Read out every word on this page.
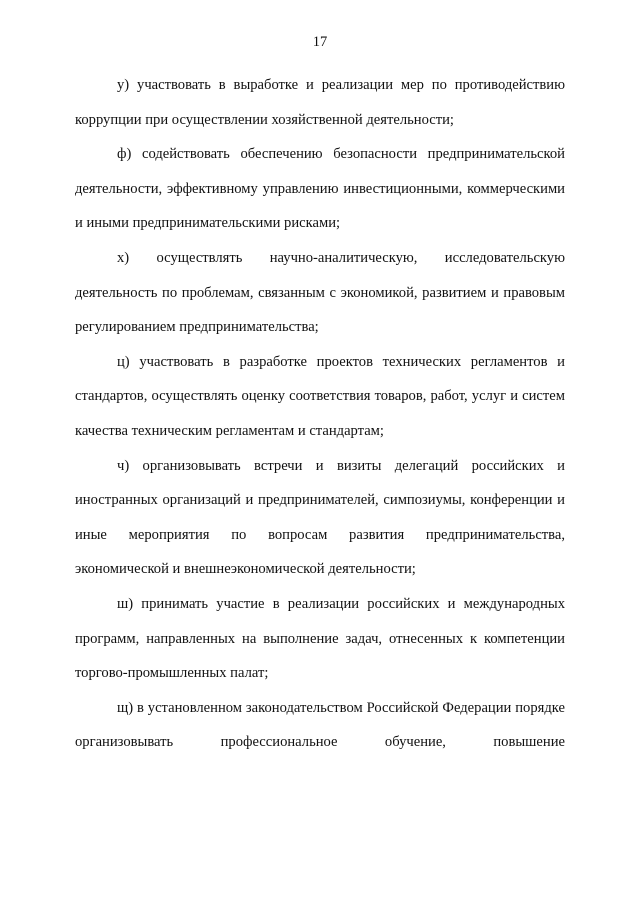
17

у) участвовать в выработке и реализации мер по противодействию коррупции при осуществлении хозяйственной деятельности;

ф) содействовать обеспечению безопасности предпринимательской деятельности, эффективному управлению инвестиционными, коммерческими и иными предпринимательскими рисками;

х) осуществлять научно-аналитическую, исследовательскую деятельность по проблемам, связанным с экономикой, развитием и правовым регулированием предпринимательства;

ц) участвовать в разработке проектов технических регламентов и стандартов, осуществлять оценку соответствия товаров, работ, услуг и систем качества техническим регламентам и стандартам;

ч) организовывать встречи и визиты делегаций российских и иностранных организаций и предпринимателей, симпозиумы, конференции и иные мероприятия по вопросам развития предпринимательства, экономической и внешнеэкономической деятельности;

ш) принимать участие в реализации российских и международных программ, направленных на выполнение задач, отнесенных к компетенции торгово-промышленных палат;

щ) в установленном законодательством Российской Федерации порядке организовывать профессиональное обучение, повышение
